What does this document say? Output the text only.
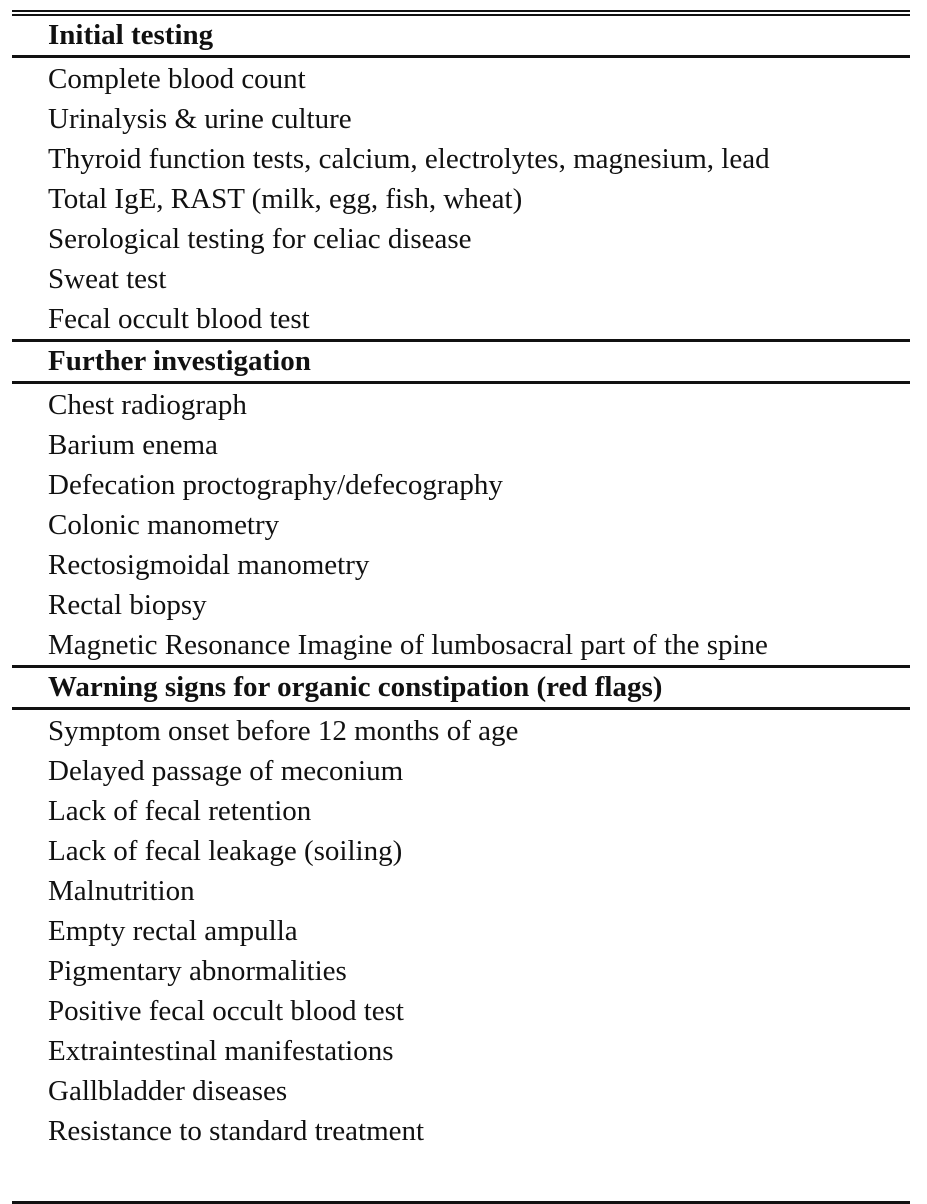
Initial testing
Complete blood count
Urinalysis & urine culture
Thyroid function tests, calcium, electrolytes, magnesium, lead
Total IgE, RAST (milk, egg, fish, wheat)
Serological testing for celiac disease
Sweat test
Fecal occult blood test
Further investigation
Chest radiograph
Barium enema
Defecation proctography/defecography
Colonic manometry
Rectosigmoidal manometry
Rectal biopsy
Magnetic Resonance Imagine of lumbosacral part of the spine
Warning signs for organic constipation (red flags)
Symptom onset before 12 months of age
Delayed passage of meconium
Lack of fecal retention
Lack of fecal leakage (soiling)
Malnutrition
Empty rectal ampulla
Pigmentary abnormalities
Positive fecal occult blood test
Extraintestinal manifestations
Gallbladder diseases
Resistance to standard treatment
